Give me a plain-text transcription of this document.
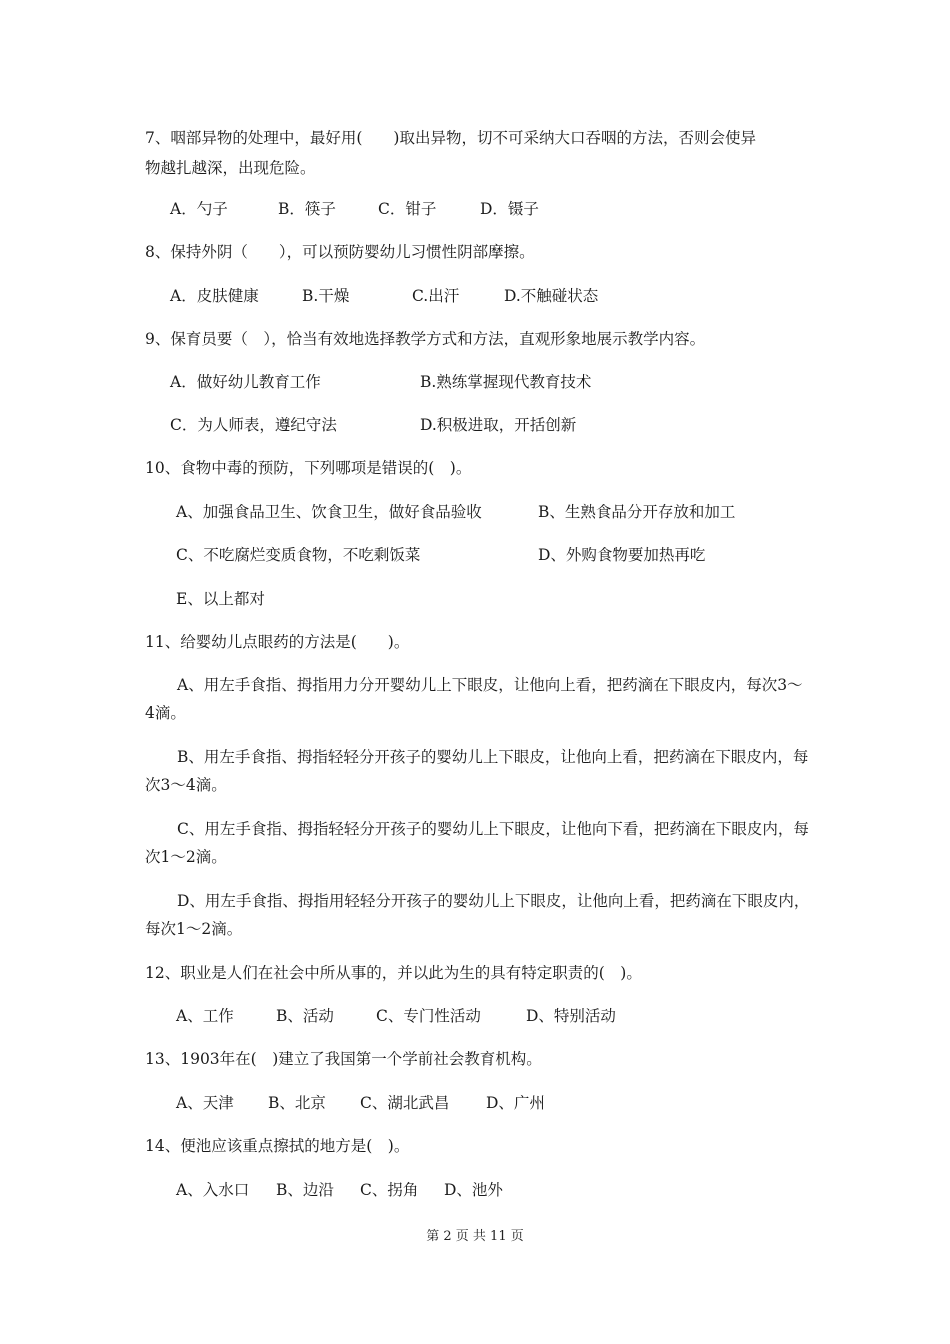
7、咽部异物的处理中，最好用(　　)取出异物，切不可采纳大口吞咽的方法，否则会使异
物越扎越深，出现危险。
A．勺子	B．筷子	C．钳子	D．镊子
8、保持外阴（　　），可以预防婴幼儿习惯性阴部摩擦。
A．皮肤健康	B.干燥	C.出汗	D.不触碰状态
9、保育员要（　），恰当有效地选择教学方式和方法，直观形象地展示教学内容。
A．做好幼儿教育工作	B.熟练掌握现代教育技术
C．为人师表，遵纪守法	D.积极进取，开括创新
10、食物中毒的预防，下列哪项是错误的(　)。
A、加强食品卫生、饮食卫生，做好食品验收	B、生熟食品分开存放和加工
C、不吃腐烂变质食物，不吃剩饭菜	D、外购食物要加热再吃
E、以上都对
11、给婴幼儿点眼药的方法是(　　)。
A、用左手食指、拇指用力分开婴幼儿上下眼皮，让他向上看，把药滴在下眼皮内，每次3～4滴。
B、用左手食指、拇指轻轻分开孩子的婴幼儿上下眼皮，让他向上看，把药滴在下眼皮内，每次3～4滴。
C、用左手食指、拇指轻轻分开孩子的婴幼儿上下眼皮，让他向下看，把药滴在下眼皮内，每次1～2滴。
D、用左手食指、拇指用轻轻分开孩子的婴幼儿上下眼皮，让他向上看，把药滴在下眼皮内，每次1～2滴。
12、职业是人们在社会中所从事的，并以此为生的具有特定职责的(　)。
A、工作	B、活动	C、专门性活动	D、特别活动
13、1903年在(　)建立了我国第一个学前社会教育机构。
A、天津 B、北京 C、湖北武昌 D、广州
14、便池应该重点擦拭的地方是(　)。
A、入水口 B、边沿 C、拐角 D、池外
第 2 页 共 11 页
